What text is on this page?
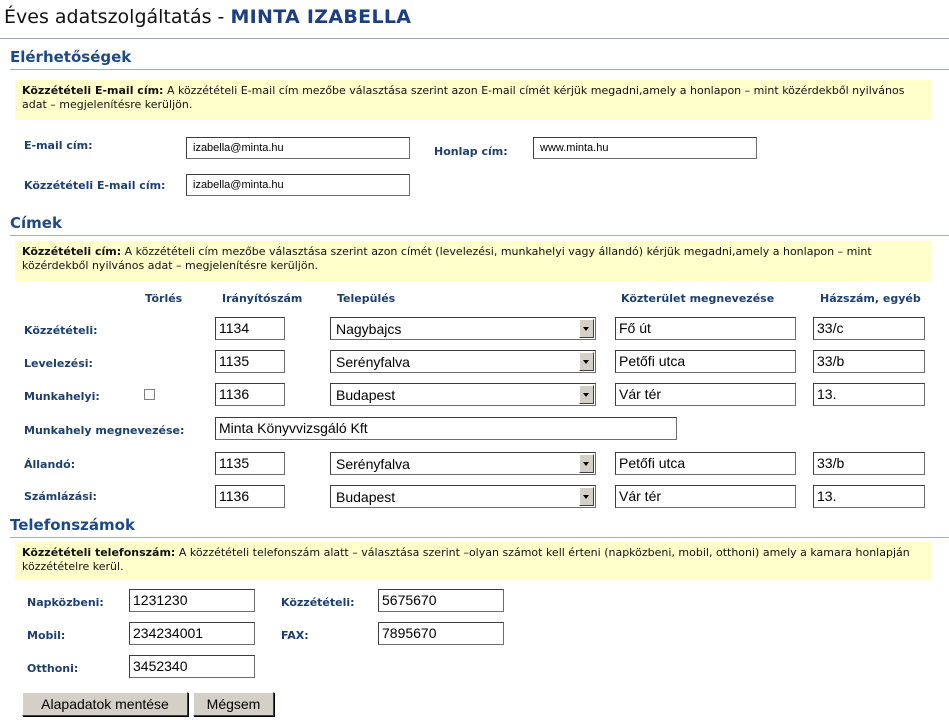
Éves adatszolgáltatás - MINTA IZABELLA
Elérhetőségek
Közzétételi E-mail cím: A közzétételi E-mail cím mezőbe választása szerint azon E-mail címét kérjük megadni,amely a honlapon – mint közérdekből nyilvános adat – megjelenítésre kerüljön.
E-mail cím:	izabella@minta.hu	Honlap cím:	www.minta.hu
Közzétételi E-mail cím:	izabella@minta.hu
Címek
Közzétételi cím: A közzétételi cím mezőbe választása szerint azon címét (levelezési, munkahelyi vagy állandó) kérjük megadni,amely a honlapon – mint közérdekből nyilvános adat – megjelenítésre kerüljön.
Törlés	Irányítószám	Település	Közterület megnevezése	Házszám, egyéb
Közzétételi:	1134	Nagybajcs	Fő út	33/c
Levelezési:	1135	Serényfalva	Petőfi utca	33/b
Munkahelyi:	1136	Budapest	Vár tér	13.
Munkahely megnevezése: Minta Könyvvizsgáló Kft
Állandó:	1135	Serényfalva	Petőfi utca	33/b
Számlázási:	1136	Budapest	Vár tér	13.
Telefonszámok
Közzétételi telefonszám: A közzétételi telefonszám alatt – választása szerint –olyan számot kell érteni (napközbeni, mobil, otthoni) amely a kamara honlapján közzétételre kerül.
Napközbeni: 1231230	Közzétételi: 5675670
Mobil:	234234001	FAX:	7895670
Otthoni:	3452340
Alapadatok mentése	Mégsem
